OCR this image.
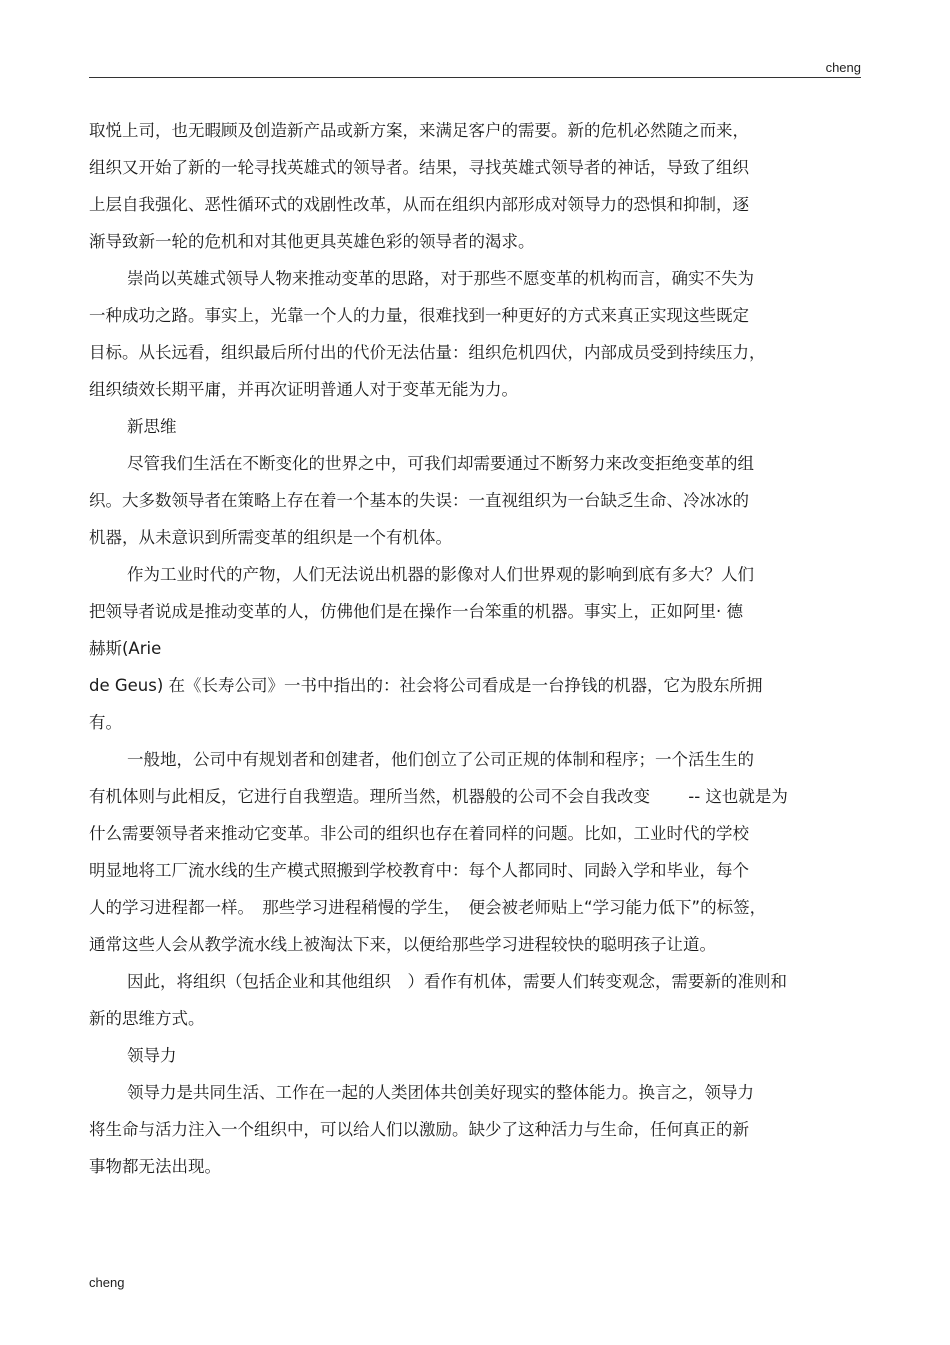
cheng
取悦上司，也无暇顾及创造新产品或新方案，来满足客户的需要。新的危机必然随之而来，
组织又开始了新的一轮寻找英雄式的领导者。结果，寻找英雄式领导者的神话，导致了组织
上层自我强化、恶性循环式的戏剧性改革，从而在组织内部形成对领导力的恐惧和抑制，逐
渐导致新一轮的危机和对其他更具英雄色彩的领导者的渴求。
崇尚以英雄式领导人物来推动变革的思路，对于那些不愿变革的机构而言，确实不失为
一种成功之路。事实上，光靠一个人的力量，很难找到一种更好的方式来真正实现这些既定
目标。从长远看，组织最后所付出的代价无法估量：组织危机四伏，内部成员受到持续压力，
组织绩效长期平庸，并再次证明普通人对于变革无能为力。
新思维
尽管我们生活在不断变化的世界之中，可我们却需要通过不断努力来改变拒绝变革的组
织。大多数领导者在策略上存在着一个基本的失误：一直视组织为一台缺乏生命、冷冰冰的
机器，从未意识到所需变革的组织是一个有机体。
作为工业时代的产物，人们无法说出机器的影像对人们世界观的影响到底有多大？人们
把领导者说成是推动变革的人，仿佛他们是在操作一台笨重的机器。事实上，正如阿里· 德
赫斯(Arie
de Geus) 在《长寿公司》一书中指出的：社会将公司看成是一台挣钱的机器，它为股东所拥
有。
一般地，公司中有规划者和创建者，他们创立了公司正规的体制和程序；一个活生生的
有机体则与此相反，它进行自我塑造。理所当然，机器般的公司不会自我改变　　 -- 这也就是为
什么需要领导者来推动它变革。非公司的组织也存在着同样的问题。比如，工业时代的学校
明显地将工厂流水线的生产模式照搬到学校教育中：每个人都同时、同龄入学和毕业，每个
人的学习进程都一样。　那些学习进程稍慢的学生，　便会被老师贴上“学习能力低下”的标签，
通常这些人会从教学流水线上被淘汰下来，以便给那些学习进程较快的聪明孩子让道。
因此，将组织（包括企业和其他组织　）看作有机体，需要人们转变观念，需要新的准则和
新的思维方式。
领导力
领导力是共同生活、工作在一起的人类团体共创美好现实的整体能力。换言之，领导力
将生命与活力注入一个组织中，可以给人们以激励。缺少了这种活力与生命，任何真正的新
事物都无法出现。
cheng
